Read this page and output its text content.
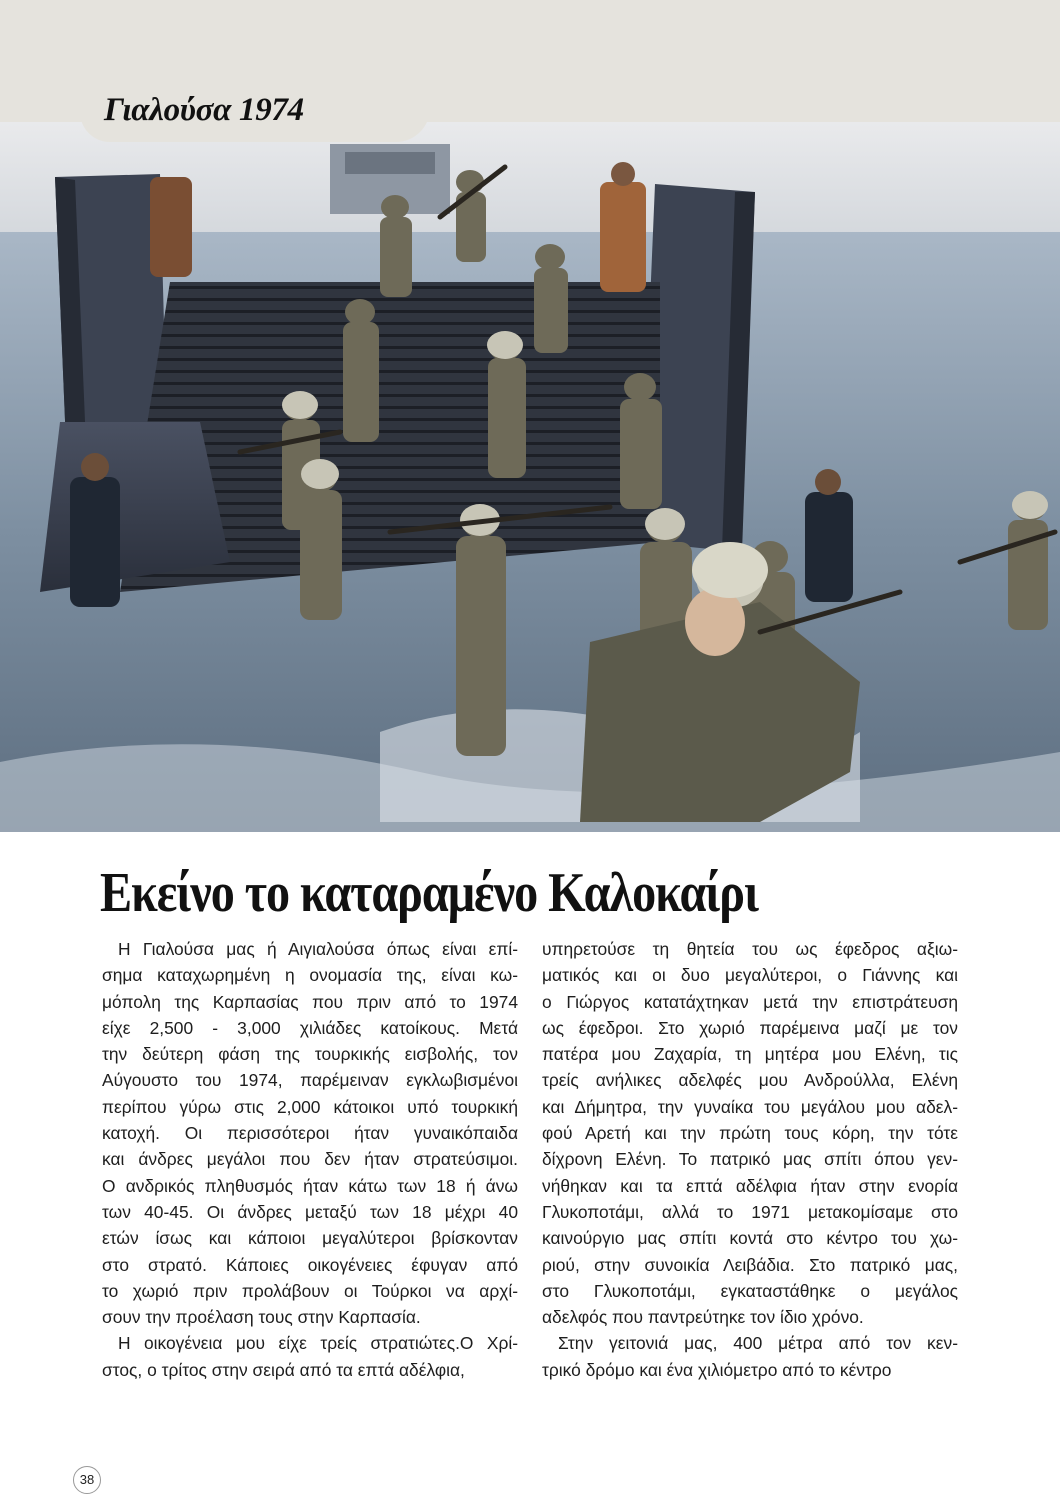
Γιαλούσα 1974
Εκείνο το καταραμένο Καλοκαίρι
Η Γιαλούσα μας ή Αιγιαλούσα όπως είναι επί-
σημα καταχωρημένη η ονομασία της, είναι κω-
μόπολη της Καρπασίας που πριν από το 1974
είχε 2,500 - 3,000 χιλιάδες κατοίκους. Μετά
την δεύτερη φάση της τουρκικής εισβολής, τον
Αύγουστο του 1974, παρέμειναν εγκλωβισμένοι
περίπου γύρω στις 2,000 κάτοικοι υπό τουρκική
κατοχή. Οι περισσότεροι ήταν γυναικόπαιδα
και άνδρες μεγάλοι που δεν ήταν στρατεύσιμοι.
Ο ανδρικός πληθυσμός ήταν κάτω των 18 ή άνω
των 40-45. Οι άνδρες μεταξύ των 18 μέχρι 40
ετών ίσως και κάποιοι μεγαλύτεροι βρίσκονταν
στο στρατό. Κάποιες οικογένειες έφυγαν από
το χωριό πριν προλάβουν οι Τούρκοι να αρχί-
σουν την προέλαση τους στην Καρπασία.
Η οικογένεια μου είχε τρείς στρατιώτες.Ο Χρί-
στος, ο τρίτος στην σειρά από τα επτά αδέλφια,
υπηρετούσε τη θητεία του ως έφεδρος αξιω-
ματικός και οι δυο μεγαλύτεροι, ο Γιάννης και
ο Γιώργος κατατάχτηκαν μετά την επιστράτευση
ως έφεδροι. Στο χωριό παρέμεινα μαζί με τον
πατέρα μου Ζαχαρία, τη μητέρα μου Ελένη, τις
τρείς ανήλικες αδελφές μου Ανδρούλλα, Ελένη
και Δήμητρα, την γυναίκα του μεγάλου μου αδελ-
φού Αρετή και την πρώτη τους κόρη, την τότε
δίχρονη Ελένη. Το πατρικό μας σπίτι όπου γεν-
νήθηκαν και τα επτά αδέλφια ήταν στην ενορία
Γλυκοποτάμι, αλλά το 1971 μετακομίσαμε στο
καινούργιο μας σπίτι κοντά στο κέντρο του χω-
ριού, στην συνοικία Λειβάδια. Στο πατρικό μας,
στο Γλυκοποτάμι, εγκαταστάθηκε ο μεγάλος
αδελφός που παντρεύτηκε τον ίδιο χρόνο.
Στην γειτονιά μας, 400 μέτρα από τον κεν-
τρικό δρόμο και ένα χιλιόμετρο από το κέντρο
38
